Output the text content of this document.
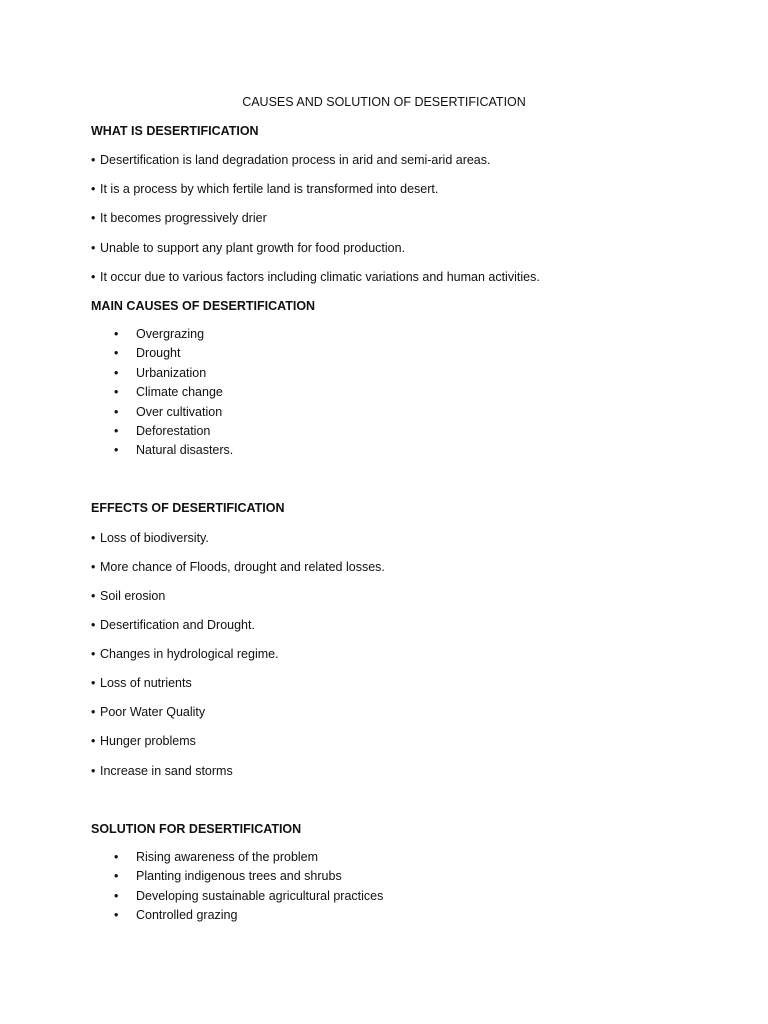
CAUSES AND SOLUTION OF DESERTIFICATION
WHAT IS DESERTIFICATION
• Desertification is land degradation process in arid and semi-arid areas.
• It is a process by which fertile land is transformed into desert.
• It becomes progressively drier
• Unable to support any plant growth for food production.
• It occur due to various factors including climatic variations and human activities.
MAIN CAUSES OF DESERTIFICATION
• Overgrazing
• Drought
• Urbanization
• Climate change
• Over cultivation
• Deforestation
• Natural disasters.
EFFECTS OF DESERTIFICATION
• Loss of biodiversity.
• More chance of Floods, drought and related losses.
• Soil erosion
• Desertification and Drought.
• Changes in hydrological regime.
• Loss of nutrients
• Poor Water Quality
• Hunger problems
• Increase in sand storms
SOLUTION FOR DESERTIFICATION
• Rising awareness of the problem
• Planting indigenous trees and shrubs
• Developing sustainable agricultural practices
• Controlled grazing
